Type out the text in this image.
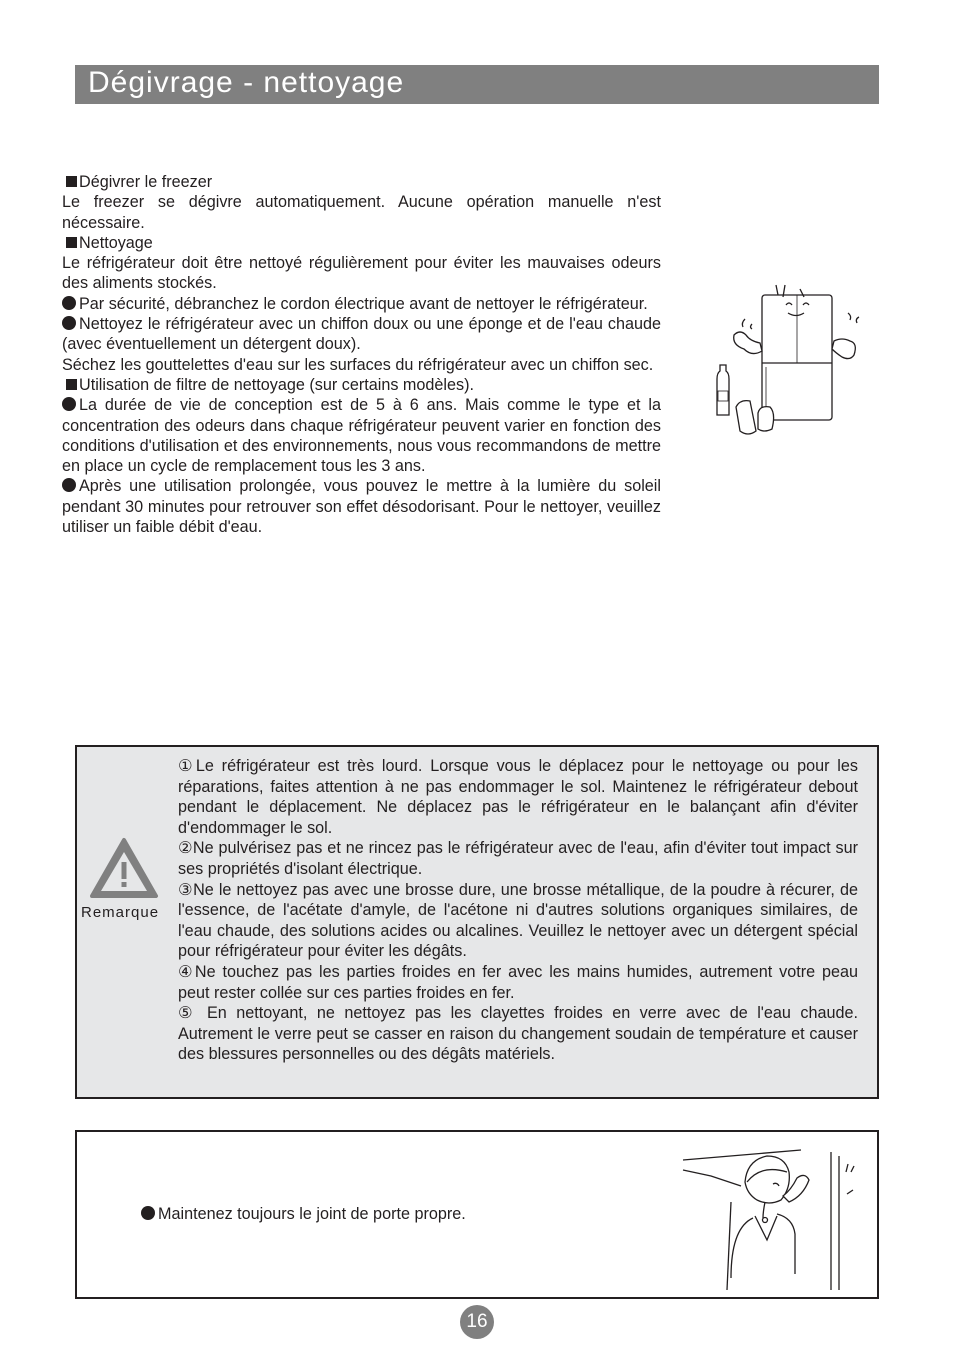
Dégivrage - nettoyage

Dégivrer le freezer

Le freezer se dégivre automatiquement. Aucune opération manuelle n'est nécessaire.

Nettoyage

Le réfrigérateur doit être nettoyé régulièrement pour éviter les mauvaises odeurs des aliments stockés.

Par sécurité, débranchez le cordon électrique avant de nettoyer le réfrigérateur.

Nettoyez le réfrigérateur avec un chiffon doux ou une éponge et de l'eau chaude (avec éventuellement un détergent doux).

Séchez les gouttelettes d'eau sur les surfaces du réfrigérateur avec un chiffon sec.

Utilisation de filtre de nettoyage (sur certains modèles).

La durée de vie de conception est de 5 à 6 ans. Mais comme le type et la concentration des odeurs dans chaque réfrigérateur peuvent varier en fonction des conditions d'utilisation et des environnements, nous vous recommandons de mettre en place un cycle de remplacement tous les 3 ans.

Après une utilisation prolongée, vous pouvez le mettre à la lumière du soleil pendant 30 minutes pour retrouver son effet désodorisant. Pour le nettoyer, veuillez utiliser un faible débit d'eau.

Remarque

①Le réfrigérateur est très lourd. Lorsque vous le déplacez pour le nettoyage ou pour les réparations, faites attention à ne pas endommager le sol. Maintenez le réfrigérateur debout pendant le déplacement. Ne déplacez pas le réfrigérateur en le balançant afin d'éviter d'endommager le sol.

②Ne pulvérisez pas et ne rincez pas le réfrigérateur avec de l'eau, afin d'éviter tout impact sur ses propriétés d'isolant électrique.

③Ne le nettoyez pas avec une brosse dure, une brosse métallique, de la poudre à récurer, de l'essence, de l'acétate d'amyle, de l'acétone ni d'autres solutions organiques similaires, de l'eau chaude, des solutions acides ou alcalines. Veuillez le nettoyer avec un détergent spécial pour réfrigérateur pour éviter les dégâts.

④Ne touchez pas les parties froides en fer avec les mains humides, autrement votre peau peut rester collée sur ces parties froides en fer.

⑤ En nettoyant, ne nettoyez pas les clayettes froides en verre avec de l'eau chaude. Autrement le verre peut se casser en raison du changement soudain de température et causer des blessures personnelles ou des dégâts matériels.

Maintenez toujours le joint de porte propre.
16
